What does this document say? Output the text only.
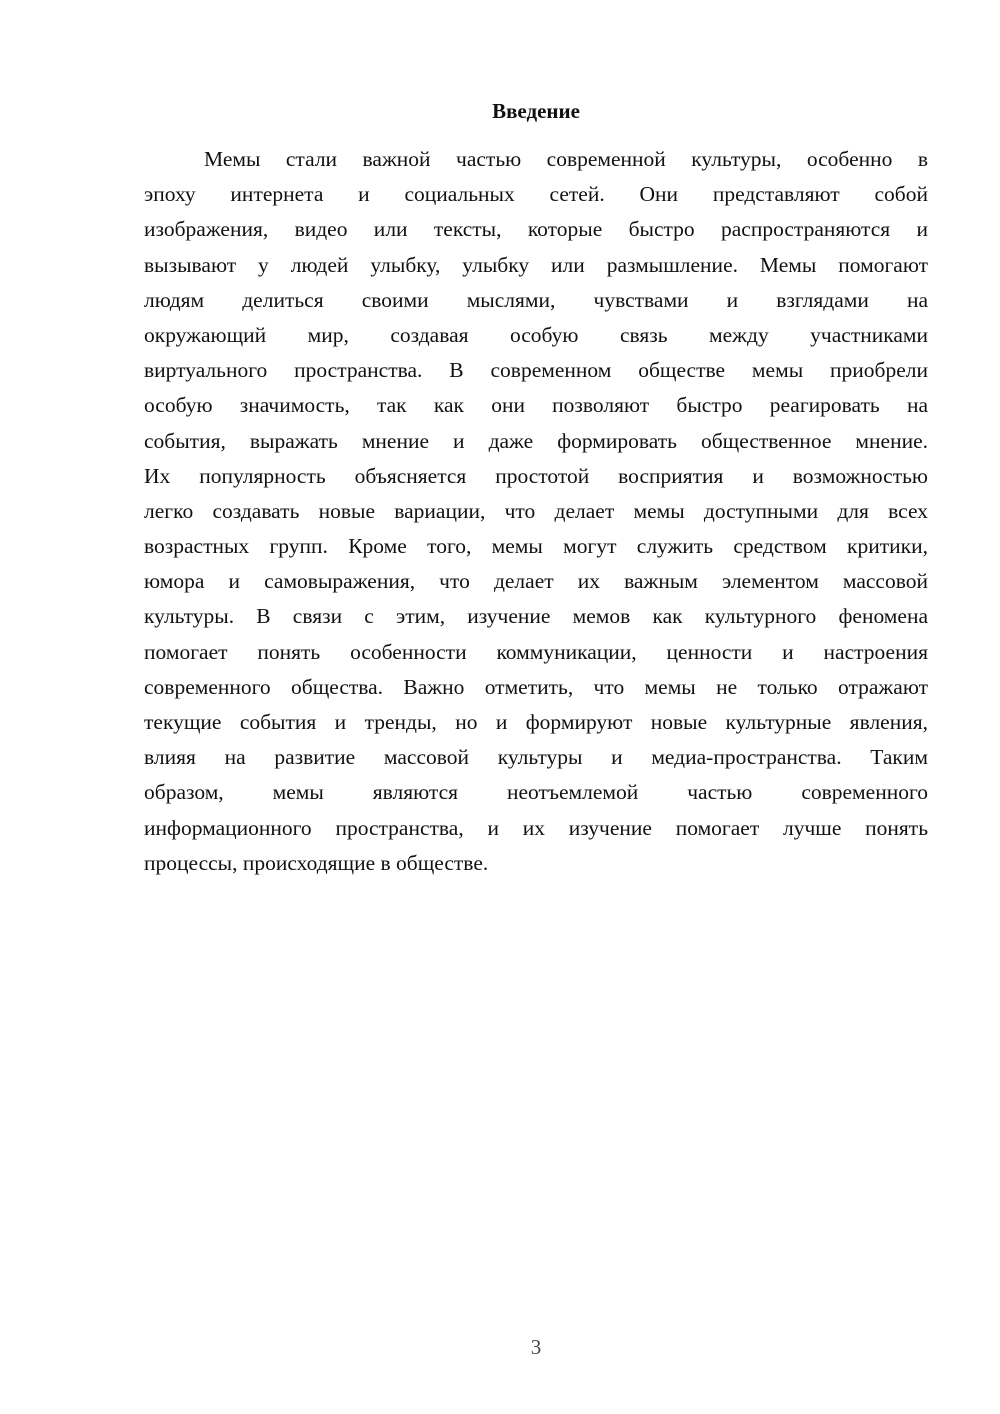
Введение
Мемы стали важной частью современной культуры, особенно в
эпоху интернета и социальных сетей. Они представляют собой
изображения, видео или тексты, которые быстро распространяются и
вызывают у людей улыбку, улыбку или размышление. Мемы помогают
людям делиться своими мыслями, чувствами и взглядами на
окружающий мир, создавая особую связь между участниками
виртуального пространства. В современном обществе мемы приобрели
особую значимость, так как они позволяют быстро реагировать на
события, выражать мнение и даже формировать общественное мнение.
Их популярность объясняется простотой восприятия и возможностью
легко создавать новые вариации, что делает мемы доступными для всех
возрастных групп. Кроме того, мемы могут служить средством критики,
юмора и самовыражения, что делает их важным элементом массовой
культуры. В связи с этим, изучение мемов как культурного феномена
помогает понять особенности коммуникации, ценности и настроения
современного общества. Важно отметить, что мемы не только отражают
текущие события и тренды, но и формируют новые культурные явления,
влияя на развитие массовой культуры и медиа-пространства. Таким
образом, мемы являются неотъемлемой частью современного
информационного пространства, и их изучение помогает лучше понять
процессы, происходящие в обществе.
3
